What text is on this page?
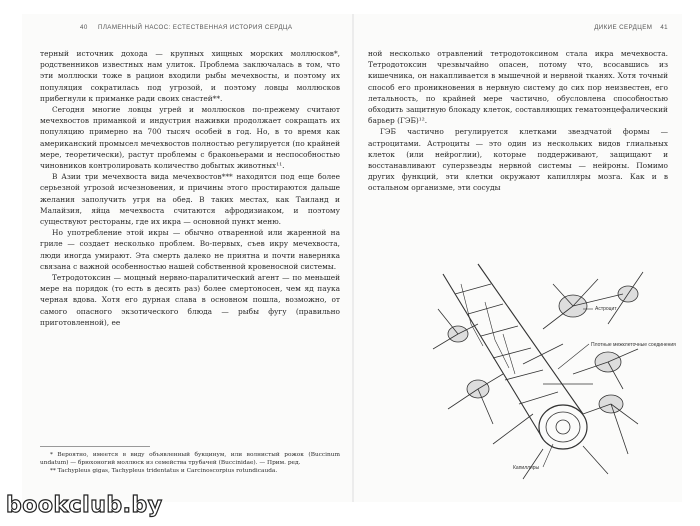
40 ПЛАМЕННЫЙ НАСОС: ЕСТЕСТВЕННАЯ ИСТОРИЯ СЕРДЦА

терный источник дохода — крупных хищных морских моллюсков*, родственников известных нам улиток. Проблема заключалась в том, что эти моллюски тоже в рацион входили рыбы мечехвосты, и поэтому их популяция сократилась под угрозой, и поэтому ловцы моллюсков прибегнули к приманке ради своих снастей**.

Сегодня многие ловцы угрей и моллюсков по-прежему считают мечехвостов приманкой и индустрия наживки продолжает сокращать их популяцию примерно на 700 тысяч особей в год. Но, в то время как американский промысел мечехвостов полностью регулируется (по крайней мере, теоретически), растут проблемы с браконьерами и неспособностью чиновников контролировать количество добытых животных¹¹.

В Азии три мечехвоста вида мечехвостов*** находятся под еще более серьезной угрозой исчезновения, и причины этого простираются дальше желания заполучить угря на обед. В таких местах, как Таиланд и Малайзия, яйца мечехвоста считаются афродизиаком, и поэтому существуют рестораны, где их икра — основной пункт меню.

Но употребление этой икры — обычно отваренной или жаренной на гриле — создает несколько проблем. Во-первых, съев икру мечехвоста, люди иногда умирают. Эта смерть далеко не приятна и почти наверняка связана с важной особенностью нашей собственной кровеносной системы.

Тетродотоксин — мощный нервно-паралитический агент — по меньшей мере на порядок (то есть в десять раз) более смертоносен, чем яд паука черная вдова. Хотя его дурная слава в основном пошла, возможно, от самого опасного экзотического блюда — рыбы фугу (правильно приготовленной), ее

* Вероятно, имеется в виду объявленный букцинум, или волнистый рожок (Buccinum undatum) — брюхоногий моллюск из семейства трубачей (Buccinidae). — Прим. ред.

** Tachypleus gigas, Tachypleus tridentatus и Carcinoscorpius rotundicauda.

ДИКИЕ СЕРДЦЕМ 41

ной несколько отравлений тетродотоксином стала икра мечехвоста. Тетродотоксин чрезвычайно опасен, потому что, всосавшись из кишечника, он накапливается в мышечной и нервной тканях. Хотя точный способ его проникновения в нервную систему до сих пор неизвестен, его летальность, по крайней мере частично, обусловлена способностью обходить защитную блокаду клеток, составляющих гематоэнцефалический барьер (ГЭБ)¹².

ГЭБ частично регулируется клетками звездчатой формы — астроцитами. Астроциты — это один из нескольких видов глиальных клеток (или нейроглии), которые поддерживают, защищают и восстанавливают суперзвезды нервной системы — нейроны. Помимо других функций, эти клетки окружают капилляры мозга. Как и в остальном организме, эти сосуды

Астроцит
Плотные межклеточные соединения
Капилляры
bookclub.by
